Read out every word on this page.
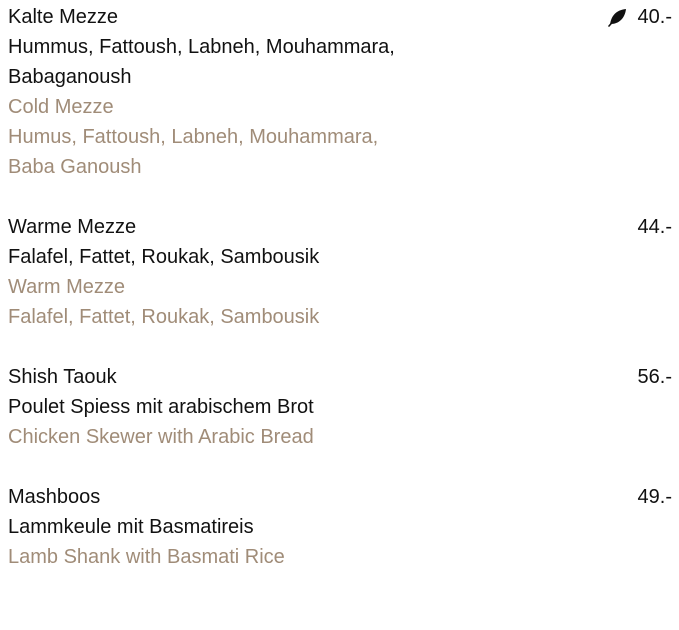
Kalte Mezze	40.-
Hummus, Fattoush, Labneh, Mouhammara,
Babaganoush
Cold Mezze
Humus, Fattoush, Labneh, Mouhammara,
Baba Ganoush
Warme Mezze	44.-
Falafel, Fattet, Roukak, Sambousik
Warm Mezze
Falafel, Fattet, Roukak, Sambousik
Shish Taouk	56.-
Poulet Spiess mit arabischem Brot
Chicken Skewer with Arabic Bread
Mashboos	49.-
Lammkeule mit Basmatireis
Lamb Shank with Basmati Rice
